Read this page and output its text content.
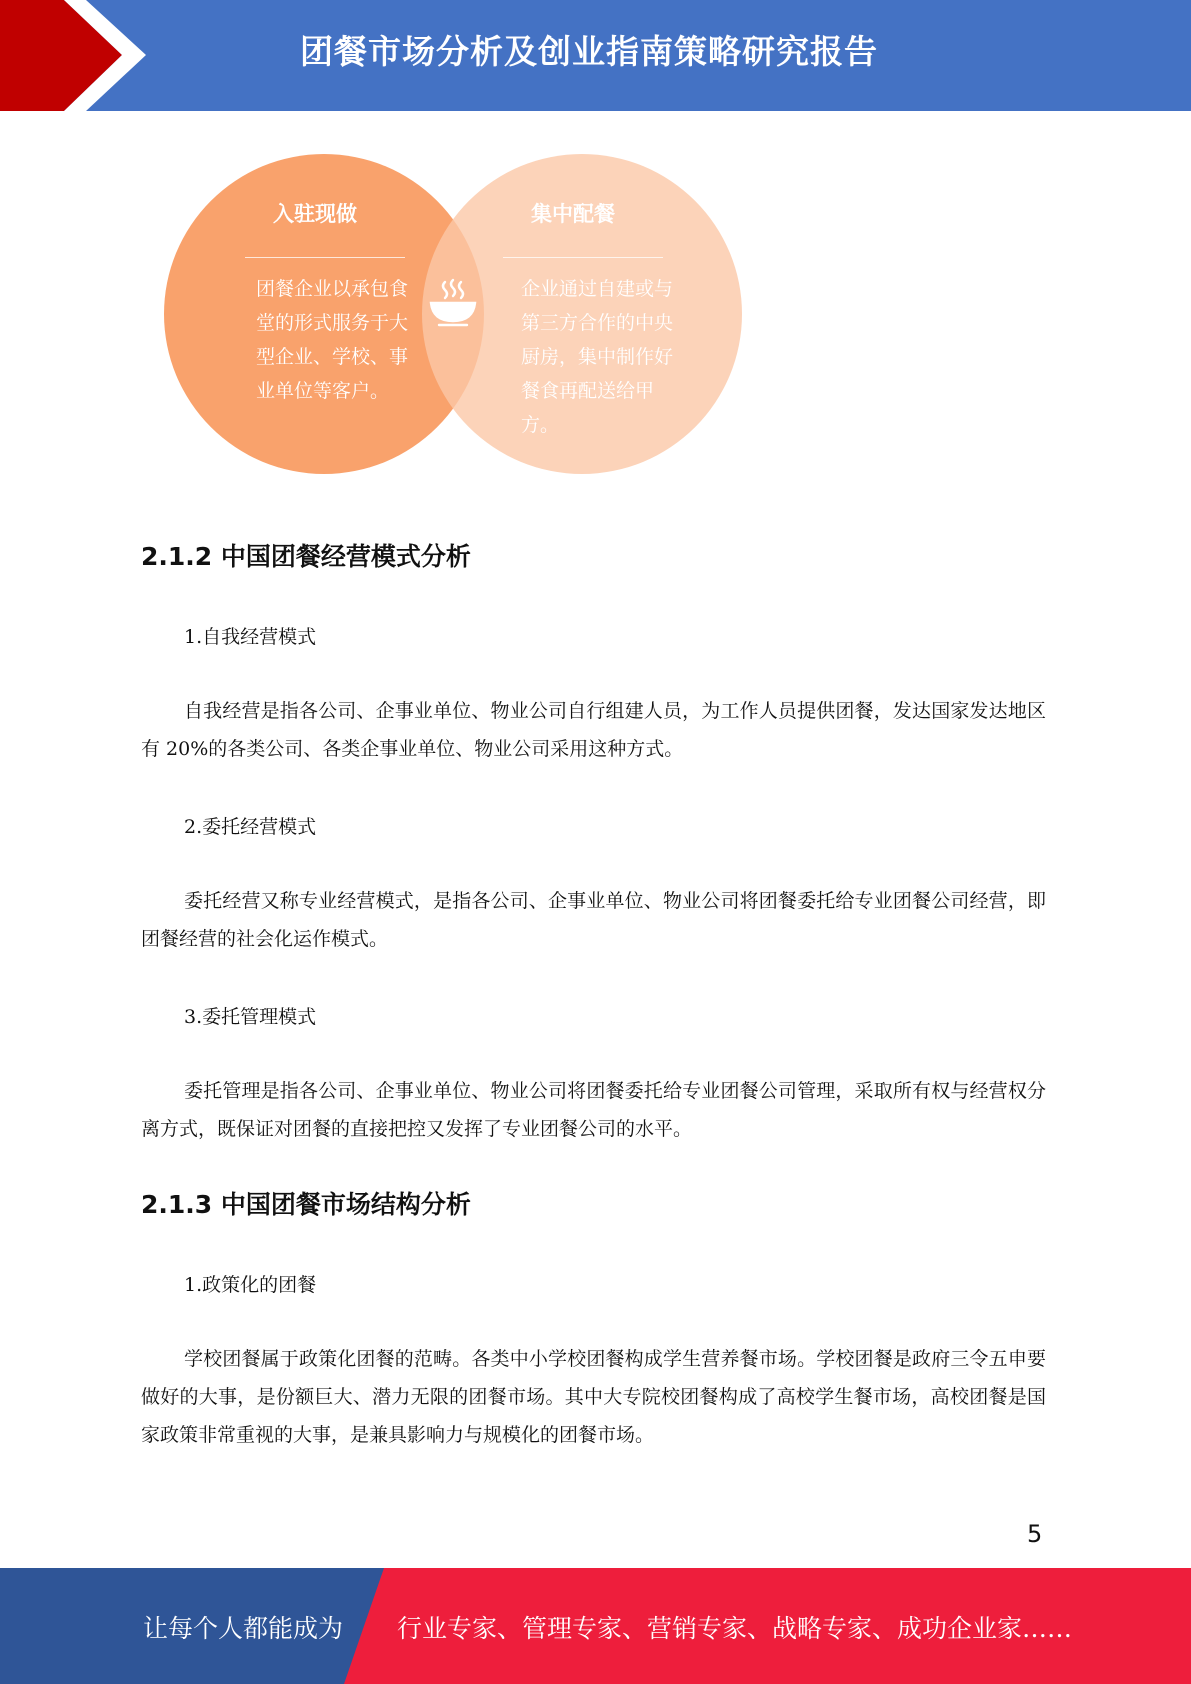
团餐市场分析及创业指南策略研究报告
入驻现做
团餐企业以承包食堂的形式服务于大型企业、学校、事业单位等客户。
集中配餐
企业通过自建或与第三方合作的中央厨房，集中制作好餐食再配送给甲方。
2.1.2 中国团餐经营模式分析
1.自我经营模式
自我经营是指各公司、企事业单位、物业公司自行组建人员，为工作人员提供团餐，发达国家发达地区有 20%的各类公司、各类企事业单位、物业公司采用这种方式。
2.委托经营模式
委托经营又称专业经营模式，是指各公司、企事业单位、物业公司将团餐委托给专业团餐公司经营，即团餐经营的社会化运作模式。
3.委托管理模式
委托管理是指各公司、企事业单位、物业公司将团餐委托给专业团餐公司管理，采取所有权与经营权分离方式，既保证对团餐的直接把控又发挥了专业团餐公司的水平。
2.1.3 中国团餐市场结构分析
1.政策化的团餐
学校团餐属于政策化团餐的范畴。各类中小学校团餐构成学生营养餐市场。学校团餐是政府三令五申要做好的大事，是份额巨大、潜力无限的团餐市场。其中大专院校团餐构成了高校学生餐市场，高校团餐是国家政策非常重视的大事，是兼具影响力与规模化的团餐市场。
5
让每个人都能成为 行业专家、管理专家、营销专家、战略专家、成功企业家……
